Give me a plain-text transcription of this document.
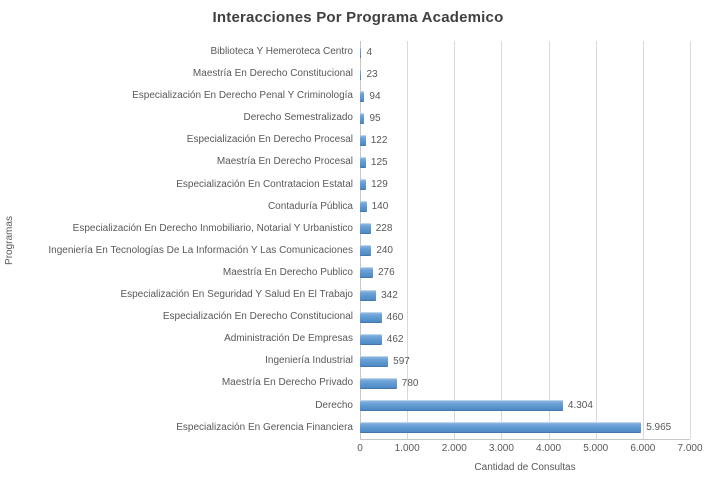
Interacciones Por Programa Academico
Programas
Biblioteca Y Hemeroteca Centro
Maestría En Derecho Constitucional
Especialización En Derecho Penal Y Criminología
Derecho Semestralizado
Especialización En Derecho Procesal
Maestría En Derecho Procesal
Especialización En Contratacion Estatal
Contaduría Pública
Especialización En Derecho Inmobiliario, Notarial Y Urbanistico
Ingeniería En Tecnologías De La Información Y Las Comunicaciones
Maestría En Derecho Publico
Especialización En Seguridad Y Salud En El Trabajo
Especialización En Derecho Constitucional
Administración De Empresas
Ingeniería Industrial
Maestría En Derecho Privado
Derecho
Especialización En Gerencia Financiera
4
23
94
95
122
125
129
140
228
240
276
342
460
462
597
780
4.304
5.965
0	1.000 2.000 3.000 4.000 5.000 6.000 7.000
Cantidad de Consultas
